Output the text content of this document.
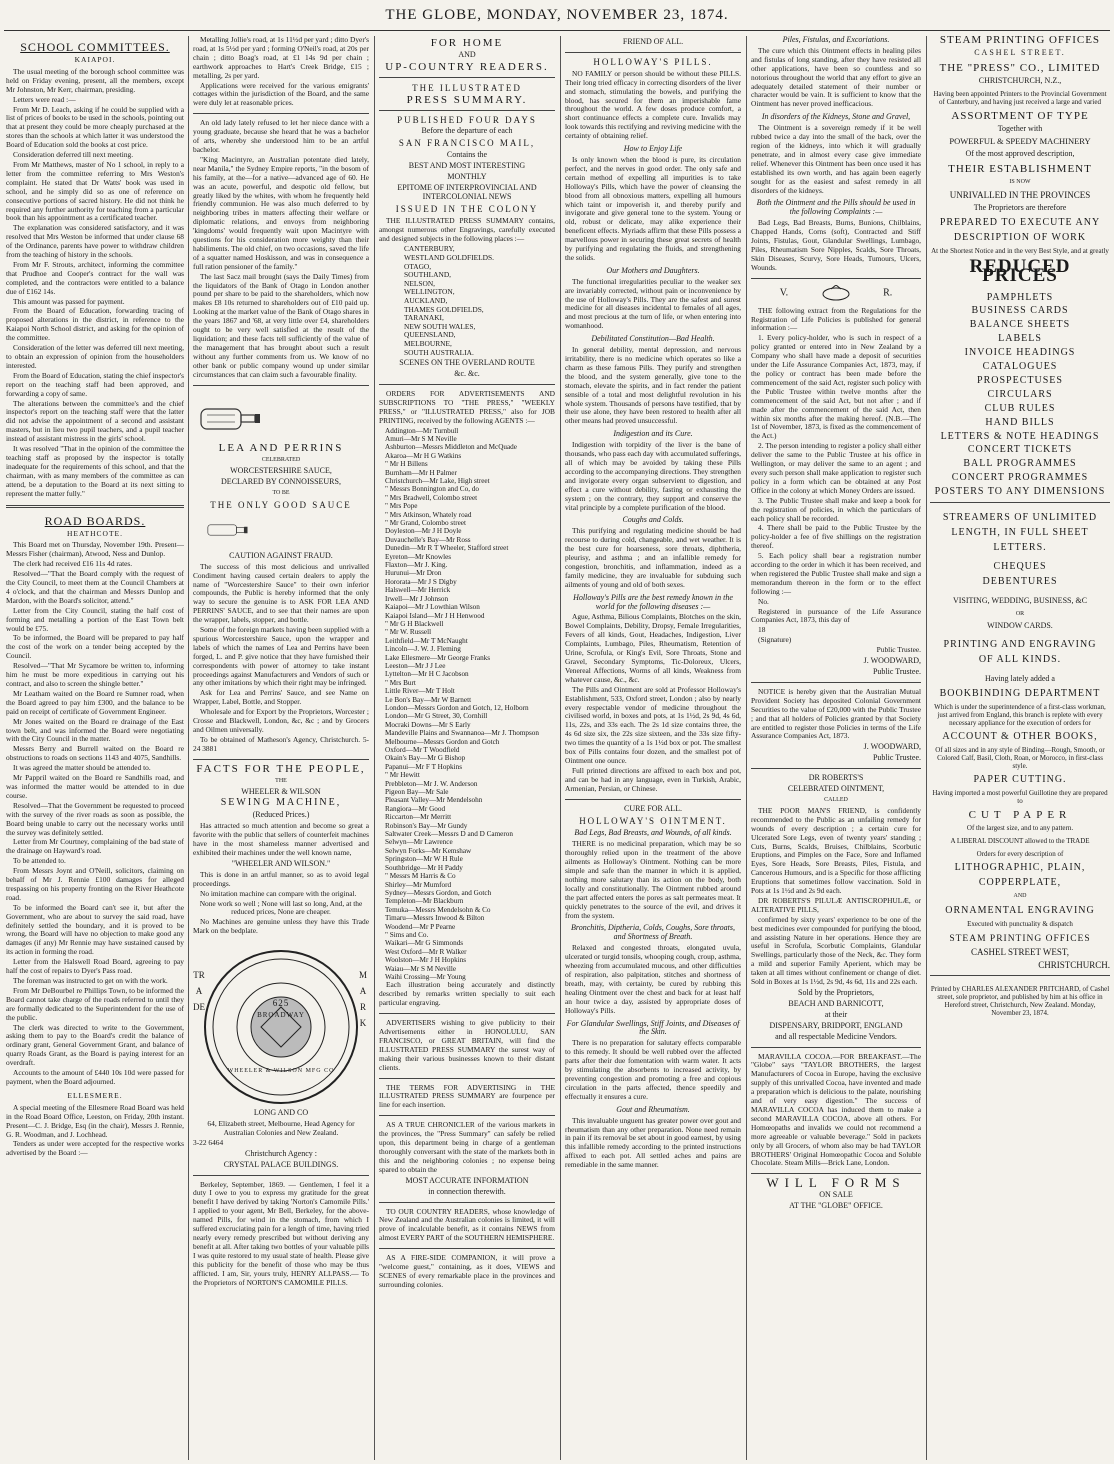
THE GLOBE, MONDAY, NOVEMBER 23, 1874.
SCHOOL COMMITTEES.
KAIAPOI.

The usual meeting of the borough school committee was held on Friday evening, present, all the members, except Mr Johnston, Mr Kerr, chairman, presiding.

Letters were read :—

From Mr D. Leach, asking if he could be supplied with a list of prices of books to be used in the schools, pointing out that at present they could be more cheaply purchased at the stores than the schools at which latter it was understood the Board of Education sold the books at cost price.

Consideration deferred till next meeting.

From Mr Matthews, master of No 1 school, in reply to a letter from the committee referring to Mrs Weston's complaint. He stated that Dr Watts' book was used in school, and he simply did so as one of reference on consecutive portions of sacred history. He did not think he required any further authority for teaching from a particular book than his appointment as a certificated teacher.

The explanation was considered satisfactory, and it was resolved that Mrs Weston be informed that under clause 68 of the Ordinance, parents have power to withdraw children from the teaching of history in the schools.

From Mr F. Strouts, architect, informing the committee that Prudhoe and Cooper's contract for the wall was completed, and the contractors were entitled to a balance due of £162 14s.

This amount was passed for payment.

From the Board of Education, forwarding tracing of proposed alterations in the district, in reference to the Kaiapoi North School district, and asking for the opinion of the committee.

Consideration of the letter was deferred till next meeting, to obtain an expression of opinion from the householders interested.

From the Board of Education, stating the chief inspector's report on the teaching staff had been approved, and forwarding a copy of same.

The alterations between the committee's and the chief inspector's report on the teaching staff were that the latter did not advise the appointment of a second and assistant masters, but in lieu two pupil teachers, and a pupil teacher instead of assistant mistress in the girls' school.

It was resolved "That in the opinion of the committee the teaching staff as proposed by the inspector is totally inadequate for the requirements of this school, and that the chairman, with as many members of the committee as can attend, be a deputation to the Board at its next sitting to represent the matter fully."

ROAD BOARDS.
HEATHCOTE.

This Board met on Thursday, November 19th. Present—Messrs Fisher (chairman), Atwood, Ness and Dunlop.

The clerk had received £16 11s 4d rates.

Resolved—"That the Board comply with the request of the City Council, to meet them at the Council Chambers at 4 o'clock, and that the chairman and Messrs Dunlop and Mardon, with the Board's solicitor, attend."

Letter from the City Council, stating the half cost of forming and metalling a portion of the East Town belt would be £75.

To be informed, the Board will be prepared to pay half the cost of the work on a tender being accepted by the Council.

Resolved—"That Mr Sycamore be written to, informing him he must be more expeditious in carrying out his contract, and also to screen the shingle better."

Mr Leatham waited on the Board re Sumner road, when the Board agreed to pay him £300, and the balance to be paid on receipt of certificate of Government Engineer.

Mr Jones waited on the Board re drainage of the East town belt, and was informed the Board were negotiating with the City Council in the matter.

Messrs Berry and Burrell waited on the Board re obstructions to roads on sections 1143 and 4075, Sandhills.

It was agreed the matter should be attended to.

Mr Pappril waited on the Board re Sandhills road, and was informed the matter would be attended to in due course.

Resolved—That the Government be requested to proceed with the survey of the river roads as soon as possible, the Board being unable to carry out the necessary works until the survey was definitely settled.

Letter from Mr Courtney, complaining of the bad state of the drainage on Hayward's road.

To be attended to.

From Messrs Joynt and O'Neill, solicitors, claiming on behalf of Mr J. Rennie £100 damages for alleged trespassing on his property fronting on the River Heathcote road.

To be informed the Board can't see it, but after the Government, who are about to survey the said road, have definitely settled the boundary, and it is proved to be wrong, the Board will have no objection to make good any damages (if any) Mr Rennie may have sustained caused by its action in forming the road.

Letter from the Halswell Road Board, agreeing to pay half the cost of repairs to Dyer's Pass road.

The foreman was instructed to get on with the work.

From Mr DeBourbel re Phillips Town, to be informed the Board cannot take charge of the roads referred to until they are formally dedicated to the Superintendent for the use of the public.

The clerk was directed to write to the Government, asking them to pay to the Board's credit the balance of ordinary grant, General Government Grant, and balance of quarry Roads Grant, as the Board is paying interest for an overdraft.

Accounts to the amount of £440 10s 10d were passed for payment, when the Board adjourned.

ELLESMERE.

A special meeting of the Ellesmere Road Board was held in the Road Board Office, Leeston, on Friday, 20th instant. Present—C. J. Bridge, Esq (in the chair), Messrs J. Rennie, G. R. Woodman, and J. Lochhead.

Tenders as under were accepted for the respective works advertised by the Board :—

Metalling Jollie's road, at 1s 11½d per yard ; ditto Dyer's road, at 1s 5½d per yard ; forming O'Neil's road, at 20s per chain ; ditto Boag's road, at £1 14s 9d per chain ; earthwork approaches to Hart's Creek Bridge, £15 ; metalling, 2s per yard.

Applications were received for the various emigrants' cottages within the jurisdiction of the Board, and the same were duly let at reasonable prices.

An old lady lately refused to let her niece dance with a young graduate, because she heard that he was a bachelor of arts, whereby she understood him to be an artful bachelor.

"King Macintyre, an Australian potentate died lately, near Manila," the Sydney Empire reports, "in the bosom of his family, at the—for a native—advanced age of 60. He was an acute, powerful, and despotic old fellow, but greatly liked by the whites, with whom he frequently held friendly communion. He was also much deferred to by neighboring tribes in matters affecting their welfare or diplomatic relations, and envoys from neighboring 'kingdoms' would frequently wait upon Macintyre with questions for his consideration more weighty than their habiliments. The old chief, on two occasions, saved the life of a squatter named Hoskisson, and was in consequence a full ration pensioner of the family."

The last Sacz mail brought (says the Daily Times) from the liquidators of the Bank of Otago in London another pound per share to be paid to the shareholders, which now makes £8 10s returned to shareholders out of £10 paid up. Looking at the market value of the Bank of Otago shares in the years 1867 and '68, at very little over £4, shareholders ought to be very well satisfied at the result of the liquidation; and these facts tell sufficiently of the value of the management that has brought about such a result without any further comments from us. We know of no other bank or public company wound up under similar circumstances that can claim such a favourable finality.

LEA AND PERRINS
CELEBRATED
WORCESTERSHIRE SAUCE,
DECLARED BY CONNOISSEURS,
TO BE
THE ONLY GOOD SAUCE
CAUTION AGAINST FRAUD.

The success of this most delicious and unrivalled Condiment having caused certain dealers to apply the name of "Worcestershire Sauce" to their own inferior compounds, the Public is hereby informed that the only way to secure the genuine is to ASK FOR LEA AND PERRINS' SAUCE, and to see that their names are upon the wrapper, labels, stopper, and bottle.

Some of the foreign markets having been supplied with a spurious Worcestershire Sauce, upon the wrapper and labels of which the names of Lea and Perrins have been forged, L. and P. give notice that they have furnished their correspondents with power of attorney to take instant proceedings against Manufacturers and Vendors of such or any other imitations by which their right may be infringed.

Ask for Lea and Perrins' Sauce, and see Name on Wrapper, Label, Bottle, and Stopper.

Wholesale and for Export by the Proprietors, Worcester ; Crosse and Blackwell, London, &c, &c ; and by Grocers and Oilmen universally.

To be obtained of Matheson's Agency, Christchurch. 5-24 3881

FACTS FOR THE PEOPLE,
THE
WHEELER & WILSON
SEWING MACHINE,
(Reduced Prices.)

Has attracted so much attention and become so great a favorite with the public that sellers of counterfeit machines have in the most shameless manner advertised and exhibited their machines under the well known name,

"WHEELER AND WILSON."

This is done in an artful manner, so as to avoid legal proceedings.

No imitation machine can compare with the original.

None work so well ; None will last so long, And, at the reduced prices, None are cheaper.

No Machines are genuine unless they have this Trade Mark on the bedplate.

TRADE
MARK
625
BROADWAY
WHEELER & WILSON MFG CO
LONG AND CO

64, Elizabeth street, Melbourne, Head Agency for Australian Colonies and New Zealand.

3-22 6464

Christchurch Agency :
CRYSTAL PALACE BUILDINGS.

Berkeley, September, 1869. — Gentlemen, I feel it a duty I owe to you to express my gratitude for the great benefit I have derived by taking 'Norton's Camomile Pills.' I applied to your agent, Mr Bell, Berkeley, for the above-named Pills, for wind in the stomach, from which I suffered excruciating pain for a length of time, having tried nearly every remedy prescribed but without deriving any benefit at all. After taking two bottles of your valuable pills I was quite restored to my usual state of health. Please give this publicity for the benefit of those who may be thus afflicted. I am, Sir, yours truly, HENRY ALLPASS.— To the Proprietors of NORTON'S CAMOMILE PILLS.

FOR HOME
AND
UP-COUNTRY READERS.
THE ILLUSTRATED
PRESS SUMMARY.
PUBLISHED FOUR DAYS
Before the departure of each
SAN FRANCISCO MAIL,
Contains the
BEST AND MOST INTERESTING
MONTHLY
EPITOME OF INTERPROVINCIAL AND INTERCOLONIAL NEWS
ISSUED IN THE COLONY

THE ILLUSTRATED PRESS SUMMARY contains, amongst numerous other Engravings, carefully executed and designed subjects in the following places :—

CANTERBURY,
WESTLAND GOLDFIELDS.
OTAGO,
SOUTHLAND,
NELSON,
WELLINGTON,
AUCKLAND,
THAMES GOLDFIELDS,
TARANAKI,
NEW SOUTH WALES,
QUEENSLAND,
MELBOURNE,
SOUTH AUSTRALIA.
SCENES ON THE OVERLAND ROUTE
&c. &c.

ORDERS FOR ADVERTISEMENTS AND SUBSCRIPTIONS TO "THE PRESS," "WEEKLY PRESS," or "ILLUSTRATED PRESS," also for JOB PRINTING, received by the following AGENTS :—

Addington—Mr Turnbull
Amuri—Mr S M Neville
Ashburton—Messrs Middleton and McQuade
Akaroa—Mr H G Watkins
" Mr H Billens
Burnham—Mr H Palmer
Christchurch—Mr Lake, High street
" Messrs Bonnington and Co, do
" Mrs Bradwell, Colombo street
" Mrs Pope
" Mrs Atkinson, Whately road
" Mr Grand, Colombo street
Doyleston—Mr J H Doyle
Duvauchelle's Bay—Mr Ross
Dunedin—Mr R T Wheeler, Stafford street
Eyreton—Mr Knowles
Flaxton—Mr J. King.
Hurunui—Mr Dron
Hororata—Mr J S Digby
Halswell—Mr Herrick
Irwell—Mr J Johnson
Kaiapoi—Mr J Lowthian Wilson
Kaiapoi Island—Mr J H Henwood
" Mr G H Blackwell
" Mr W. Russell
Leithfield—Mr T McNaught
Lincoln—J. W. J. Fleming
Lake Ellesmere—Mr George Franks
Leeston—Mr J J Lee
Lyttelton—Mr H C Jacobson
" Mrs Burt
Little River—Mr T Holt
Le Bon's Bay—Mr W Barnett
London—Messrs Gordon and Gotch, 12, Holborn
London—Mr G Street, 30, Cornhill
Mocraki Downs—Mr S Early
Mandeville Plains and Swannanoa—Mr J. Thompson
Melbourne—Messrs Gordon and Gotch
Oxford—Mr T Woodfield
Okain's Bay—Mr G Bishop
Papanui—Mr F T Hopkins
" Mr Hewitt
Prebbleton—Mr J. W. Anderson
Pigeon Bay—Mr Sale
Pleasant Valley—Mr Mendelsohn
Rangiora—Mr Good
Riccarton—Mr Merritt
Robinson's Bay—Mr Gundy
Saltwater Creek—Messrs D and D Cameron
Selwyn—Mr Lawrence
Selwyn Forks—Mr Kemshaw
Springston—Mr W H Rule
Southbridge—Mr H Paddy
" Messrs M Harris & Co
Shirley—Mr Mumford
Sydney—Messrs Gordon, and Gotch
Templeton—Mr Blackburn
Temuka—Messrs Mendelsohn & Co
Timaru—Messrs Inwood & Bilton
Woodend—Mr P Pearne
" Sims and Co.
Waikari—Mr G Simmonds
West Oxford—Mr R Walker
Woolston—Mr J H Hopkins
Waiau—Mr S M Neville
Waihi Crossing—Mr Young

Each illustration being accurately and distinctly described by remarks written specially to suit each particular engraving.

ADVERTISERS wishing to give publicity to their Advertisements either in HONOLULU, SAN FRANCISCO, or GREAT BRITAIN, will find the ILLUSTRATED PRESS SUMMARY the surest way of making their various businesses known to their distant clients.

THE TERMS FOR ADVERTISING in THE ILLUSTRATED PRESS SUMMARY are fourpence per line for each insertion.

AS A TRUE CHRONICLER of the various markets in the provinces, the "Press Summary" can safely be relied upon, this department being in charge of a gentleman thoroughly conversant with the state of the markets both in this and the neighboring colonies ; no expense being spared to obtain the

MOST ACCURATE INFORMATION
in connection therewith.

TO OUR COUNTRY READERS, whose knowledge of New Zealand and the Australian colonies is limited, it will prove of incalculable benefit, as it contains NEWS from almost EVERY PART of the SOUTHERN HEMISPHERE.

AS A FIRE-SIDE COMPANION, it will prove a "welcome guest," containing, as it does, VIEWS and SCENES of every remarkable place in the provinces and surrounding colonies.

FRIEND OF ALL.
HOLLOWAY'S PILLS.

NO FAMILY or person should be without these PILLS. Their long tried efficacy in correcting disorders of the liver and stomach, stimulating the bowels, and purifying the blood, has secured for them an imperishable fame throughout the world. A few doses produce comfort, a short continuance effects a complete cure. Invalids may look towards this rectifying and reviving medicine with the certainty of obtaining relief.

How to Enjoy Life

Is only known when the blood is pure, its circulation perfect, and the nerves in good order. The only safe and certain method of expelling all impurities is to take Holloway's Pills, which have the power of cleansing the blood from all obnoxious matters, expelling all humours which taint or impoverish it, and thereby purify and invigorate and give general tone to the system. Young or old, robust or delicate, may alike experience their beneficent effects. Myriads affirm that these Pills possess a marvellous power in securing these great secrets of health by purifying and regulating the fluids, and strengthening the solids.

Our Mothers and Daughters.

The functional irregularities peculiar to the weaker sex are invariably corrected, without pain or inconvenience by the use of Holloway's Pills. They are the safest and surest medicine for all diseases incidental to females of all ages, and most precious at the turn of life, or when entering into womanhood.

Debilitated Constitution—Bad Health.

In general debility, mental depression, and nervous irritability, there is no medicine which operates so like a charm as these famous Pills. They purify and strengthen the blood, and the system generally, give tone to the stomach, elevate the spirits, and in fact render the patient sensible of a total and most delightful revolution in his whole system. Thousands of persons have testified, that by their use alone, they have been restored to health after all other means had proved unsuccessful.

Indigestion and its Cure.

Indigestion with torpidity of the liver is the bane of thousands, who pass each day with accumulated sufferings, all of which may be avoided by taking these Pills according to the accompanying directions. They strengthen and invigorate every organ subservient to digestion, and effect a cure without debility, fasting or exhausting the system ; on the contrary, they support and conserve the vital principle by a complete purification of the blood.

Coughs and Colds.

This purifying and regulating medicine should be had recourse to during cold, changeable, and wet weather. It is the best cure for hoarseness, sore throats, diphtheria, pleurisy, and asthma ; and an infallible remedy for congestion, bronchitis, and inflammation, indeed as a family medicine, they are invaluable for subduing such ailments of young and old of both sexes.

Holloway's Pills are the best remedy known in the world for the following diseases :—

Ague, Asthma, Bilious Complaints, Blotches on the skin, Bowel Complaints, Debility, Dropsy, Female Irregularities, Fevers of all kinds, Gout, Headaches, Indigestion, Liver Complaints, Lumbago, Piles, Rheumatism, Retention of Urine, Scrofula, or King's Evil, Sore Throats, Stone and Gravel, Secondary Symptoms, Tic-Doloreux, Ulcers, Venereal Affections, Worms of all kinds, Weakness from whatever cause, &c., &c.

The Pills and Ointment are sold at Professor Holloway's Establishment, 533, Oxford street, London ; also by nearly every respectable vendor of medicine throughout the civilised world, in boxes and pots, at 1s 1½d, 2s 9d, 4s 6d, 11s, 22s, and 33s each. The 2s 1d size contains three, the 4s 6d size six, the 22s size sixteen, and the 33s size fifty-two times the quantity of a 1s 1½d box or pot. The smallest box of Pills contains four dozen, and the smallest pot of Ointment one ounce.

Full printed directions are affixed to each box and pot, and can be had in any language, even in Turkish, Arabic, Armenian, Persian, or Chinese.

CURE FOR ALL.
HOLLOWAY'S OINTMENT.
Bad Legs, Bad Breasts, and Wounds, of all kinds.

THERE is no medicinal preparation, which may be so thoroughly relied upon in the treatment of the above ailments as Holloway's Ointment. Nothing can be more simple and safe than the manner in which it is applied, nothing more salutary than its action on the body, both locally and constitutionally. The Ointment rubbed around the part affected enters the pores as salt permeates meat. It quickly penetrates to the source of the evil, and drives it from the system.

Bronchitis, Diptheria, Colds, Coughs, Sore throats, and Shortness of Breath.

Relaxed and congested throats, elongated uvula, ulcerated or turgid tonsils, whooping cough, croup, asthma, wheezing from accumulated mucous, and other difficulties of respiration, also palpitation, stitches and shortness of breath, may, with certainty, be cured by rubbing this healing Ointment over the chest and back for at least half an hour twice a day, assisted by appropriate doses of Holloway's Pills.

For Glandular Swellings, Stiff Joints, and Diseases of the Skin.

There is no preparation for salutary effects comparable to this remedy. It should be well rubbed over the affected parts after their due fomentation with warm water. It acts by stimulating the absorbents to increased activity, by preventing congestion and promoting a free and copious circulation in the parts affected, thence speedily and effectually it ensures a cure.

Gout and Rheumatism.

This invaluable unguent has greater power over gout and rheumatism than any other preparation. None need remain in pain if its removal be set about in good earnest, by using this infallible remedy according to the printed instructions affixed to each pot. All settled aches and pains are remediable in the same manner.

Piles, Fistulas, and Excoriations.

The cure which this Ointment effects in healing piles and fistulas of long standing, after they have resisted all other applications, have been so countless and so notorious throughout the world that any effort to give an adequately detailed statement of their number or character would be vain. It is sufficient to know that the Ointment has never proved inefficacious.

In disorders of the Kidneys, Stone and Gravel,

The Ointment is a sovereign remedy if it be well rubbed twice a day into the small of the back, over the region of the kidneys, into which it will gradually penetrate, and in almost every case give immediate relief. Whenever this Ointment has been once used it has established its own worth, and has again been eagerly sought for as the easiest and safest remedy in all disorders of the kidneys.

Both the Ointment and the Pills should be used in the following Complaints :—

Bad Legs, Bad Breasts, Burns, Bunions, Chilblains, Chapped Hands, Corns (soft), Contracted and Stiff Joints, Fistulas, Gout, Glandular Swellings, Lumbago, Piles, Rheumatism Sore Nipples, Scalds, Sore Throats, Skin Diseases, Scurvy, Sore Heads, Tumours, Ulcers, Wounds.

V.	R.

THE following extract from the Regulations for the Registration of Life Policies is published for general information :—

1. Every policy-holder, who is such in respect of a policy granted or entered into in New Zealand by a Company who shall have made a deposit of securities under the Life Assurance Companies Act, 1873, may, if the policy or contract has been made before the commencement of the said Act, register such policy with the Public Trustee within twelve months after the commencement of the said Act, but not after ; and if made after the commencement of the said Act, then within six months after the making hereof. (N.B.—The 1st of November, 1873, is fixed as the commencement of the Act.)

2. The person intending to register a policy shall either deliver the same to the Public Trustee at his office in Wellington, or may deliver the same to an agent ; and every such person shall make application to register such policy in a form which can be obtained at any Post Office in the colony at which Money Orders are issued.

3. The Public Trustee shall make and keep a book for the registration of policies, in which the particulars of each policy shall be recorded.

4. There shall be paid to the Public Trustee by the policy-holder a fee of five shillings on the registration thereof.

5. Each policy shall bear a registration number according to the order in which it has been received, and when registered the Public Trustee shall make and sign a memorandum thereon in the form or to the effect following :—

No.

Registered in pursuance of the Life Assurance Companies Act, 1873, this day of

18

(Signature)

Public Trustee.

J. WOODWARD,
Public Trustee.

NOTICE is hereby given that the Australian Mutual Provident Society has deposited Colonial Government Securities to the value of £20,000 with the Public Trustee ; and that all holders of Policies granted by that Society are entitled to register those Policies in terms of the Life Assurance Companies Act, 1873.

J. WOODWARD,
Public Trustee.
DR ROBERTS'S
CELEBRATED OINTMENT,
CALLED

THE POOR MAN'S FRIEND, is confidently recommended to the Public as an unfailing remedy for wounds of every description ; a certain cure for Ulcerated Sore Legs, even of twenty years' standing ; Cuts, Burns, Scalds, Bruises, Chilblains, Scorbutic Eruptions, and Pimples on the Face, Sore and Inflamed Eyes, Sore Heads, Sore Breasts, Piles, Fistula, and Cancerous Humours, and is a Specific for those afflicting Eruptions that sometimes follow vaccination. Sold in Pots at 1s 1½d and 2s 9d each.

DR ROBERTS'S PILULÆ ANTISCROPHULÆ, or ALTERATIVE PILLS,

confirmed by sixty years' experience to be one of the best medicines ever compounded for purifying the blood, and assisting Nature in her operations. Hence they are useful in Scrofula, Scorbutic Complaints, Glandular Swellings, particularly those of the Neck, &c. They form a mild and superior Family Aperient, which may be taken at all times without confinement or change of diet. Sold in Boxes at 1s 1½d, 2s 9d, 4s 6d, 11s and 22s each.

Sold by the Proprietors,
BEACH AND BARNICOTT,
at their
DISPENSARY, BRIDPORT, ENGLAND
and all respectable Medicine Vendors.

MARAVILLA COCOA.—FOR BREAKFAST.—The "Globe" says "TAYLOR BROTHERS, the largest Manufacturers of Cocoa in Europe, having the exclusive supply of this unrivalled Cocoa, have invented and made a preparation which is delicious to the palate, nourishing and of very easy digestion." The success of MARAVILLA COCOA has induced them to make a second MARAVILLA COCOA, above all others. For Homœopaths and invalids we could not recommend a more agreeable or valuable beverage." Sold in packets only by all Grocers, of whom also may be had TAYLOR BROTHERS' Original Homœopathic Cocoa and Soluble Chocolate. Steam Mills—Brick Lane, London.

WILL FORMS
ON SALE
AT THE "GLOBE" OFFICE.
STEAM PRINTING OFFICES
CASHEL STREET.
THE "PRESS" CO., LIMITED
CHRISTCHURCH, N.Z.,
Having been appointed Printers to the Provincial Government of Canterbury, and having just received a large and varied
ASSORTMENT OF TYPE
Together with
POWERFUL & SPEEDY MACHINERY
Of the most approved description,
THEIR ESTABLISHMENT
IS NOW
UNRIVALLED IN THE PROVINCES
The Proprietors are therefore
PREPARED TO EXECUTE ANY
DESCRIPTION OF WORK
At the Shortest Notice and in the very Best Style, and at greatly
REDUCED PRICES
PAMPHLETS
BUSINESS CARDS
BALANCE SHEETS
LABELS
INVOICE HEADINGS
CATALOGUES
PROSPECTUSES
CIRCULARS
CLUB RULES
HAND BILLS
LETTERS & NOTE HEADINGS
CONCERT TICKETS
BALL PROGRAMMES
CONCERT PROGRAMMES
POSTERS TO ANY DIMENSIONS
STREAMERS OF UNLIMITED
LENGTH, IN FULL SHEET
LETTERS.
CHEQUES
DEBENTURES
VISITING, WEDDING, BUSINESS, &C
OR
WINDOW CARDS.
PRINTING AND ENGRAVING
OF ALL KINDS.
Having lately added a
BOOKBINDING DEPARTMENT
Which is under the superintendence of a first-class workman, just arrived from England, this branch is replete with every necessary appliance for the execution of orders for
ACCOUNT & OTHER BOOKS,
Of all sizes and in any style of Binding—Rough, Smooth, or Colored Calf, Basil, Cloth, Roan, or Morocco, in first-class style.
PAPER CUTTING.
Having imported a most powerful Guillotine they are prepared to
CUT PAPER
Of the largest size, and to any pattern.
A LIBERAL DISCOUNT allowed to the TRADE
Orders for every description of
LITHOGRAPHIC, PLAIN,
COPPERPLATE,
AND
ORNAMENTAL ENGRAVING
Executed with punctuality & dispatch
STEAM PRINTING OFFICES
CASHEL STREET WEST,
CHRISTCHURCH.
Printed by CHARLES ALEXANDER PRITCHARD, of Cashel street, sole proprietor, and published by him at his office in Hereford street, Christchurch, New Zealand. Monday, November 23, 1874.
